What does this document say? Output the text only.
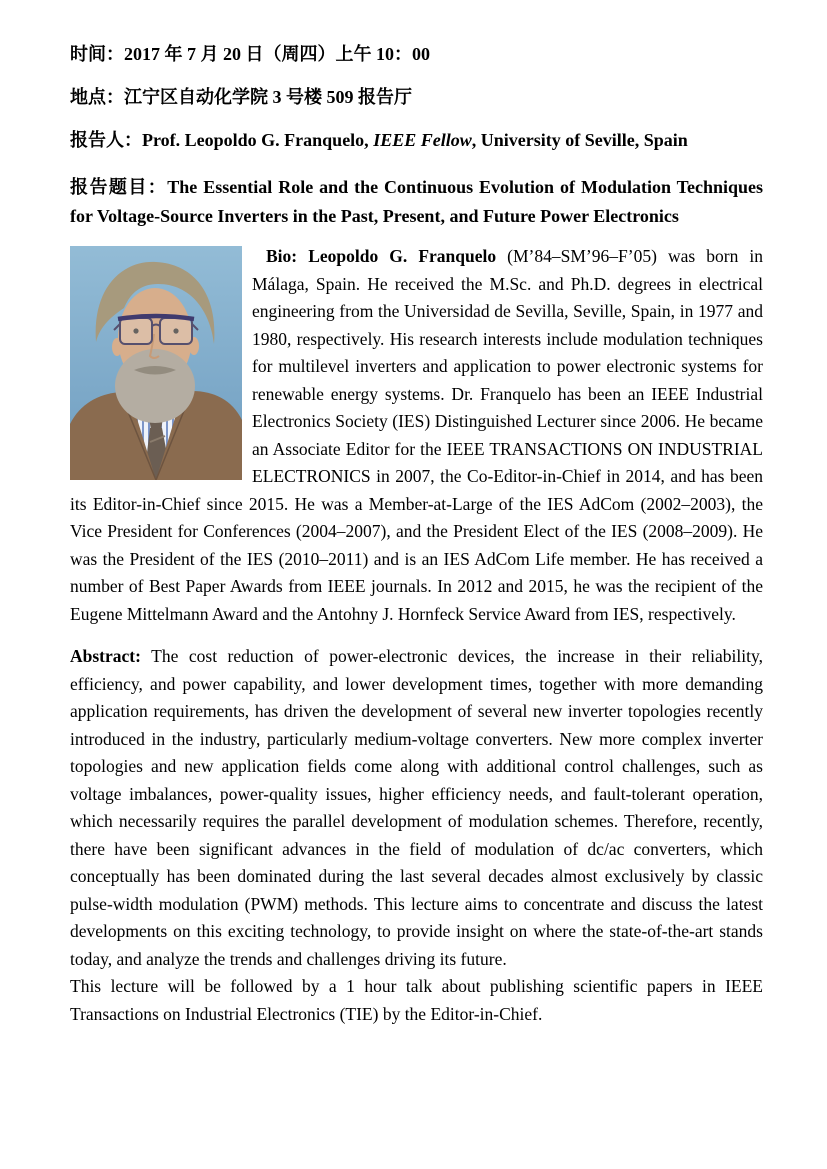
时间：2017 年 7 月 20 日（周四）上午 10：00

地点：江宁区自动化学院 3 号楼 509 报告厅

报告人：Prof. Leopoldo G. Franquelo, IEEE Fellow, University of Seville, Spain

报告题目：The Essential Role and the Continuous Evolution of Modulation Techniques for Voltage-Source Inverters in the Past, Present, and Future Power Electronics

Bio: Leopoldo G. Franquelo (M’84–SM’96–F’05) was born in Málaga, Spain. He received the M.Sc. and Ph.D. degrees in electrical engineering from the Universidad de Sevilla, Seville, Spain, in 1977 and 1980, respectively. His research interests include modulation techniques for multilevel inverters and application to power electronic systems for renewable energy systems. Dr. Franquelo has been an IEEE Industrial Electronics Society (IES) Distinguished Lecturer since 2006. He became an Associate Editor for the IEEE TRANSACTIONS ON INDUSTRIAL ELECTRONICS in 2007, the Co-Editor-in-Chief in 2014, and has been its Editor-in-Chief since 2015. He was a Member-at-Large of the IES AdCom (2002–2003), the Vice President for Conferences (2004–2007), and the President Elect of the IES (2008–2009). He was the President of the IES (2010–2011) and is an IES AdCom Life member. He has received a number of Best Paper Awards from IEEE journals. In 2012 and 2015, he was the recipient of the Eugene Mittelmann Award and the Antohny J. Hornfeck Service Award from IES, respectively.

Abstract: The cost reduction of power-electronic devices, the increase in their reliability, efficiency, and power capability, and lower development times, together with more demanding application requirements, has driven the development of several new inverter topologies recently introduced in the industry, particularly medium-voltage converters. New more complex inverter topologies and new application fields come along with additional control challenges, such as voltage imbalances, power-quality issues, higher efficiency needs, and fault-tolerant operation, which necessarily requires the parallel development of modulation schemes. Therefore, recently, there have been significant advances in the field of modulation of dc/ac converters, which conceptually has been dominated during the last several decades almost exclusively by classic pulse-width modulation (PWM) methods. This lecture aims to concentrate and discuss the latest developments on this exciting technology, to provide insight on where the state-of-the-art stands today, and analyze the trends and challenges driving its future.

This lecture will be followed by a 1 hour talk about publishing scientific papers in IEEE Transactions on Industrial Electronics (TIE) by the Editor-in-Chief.
